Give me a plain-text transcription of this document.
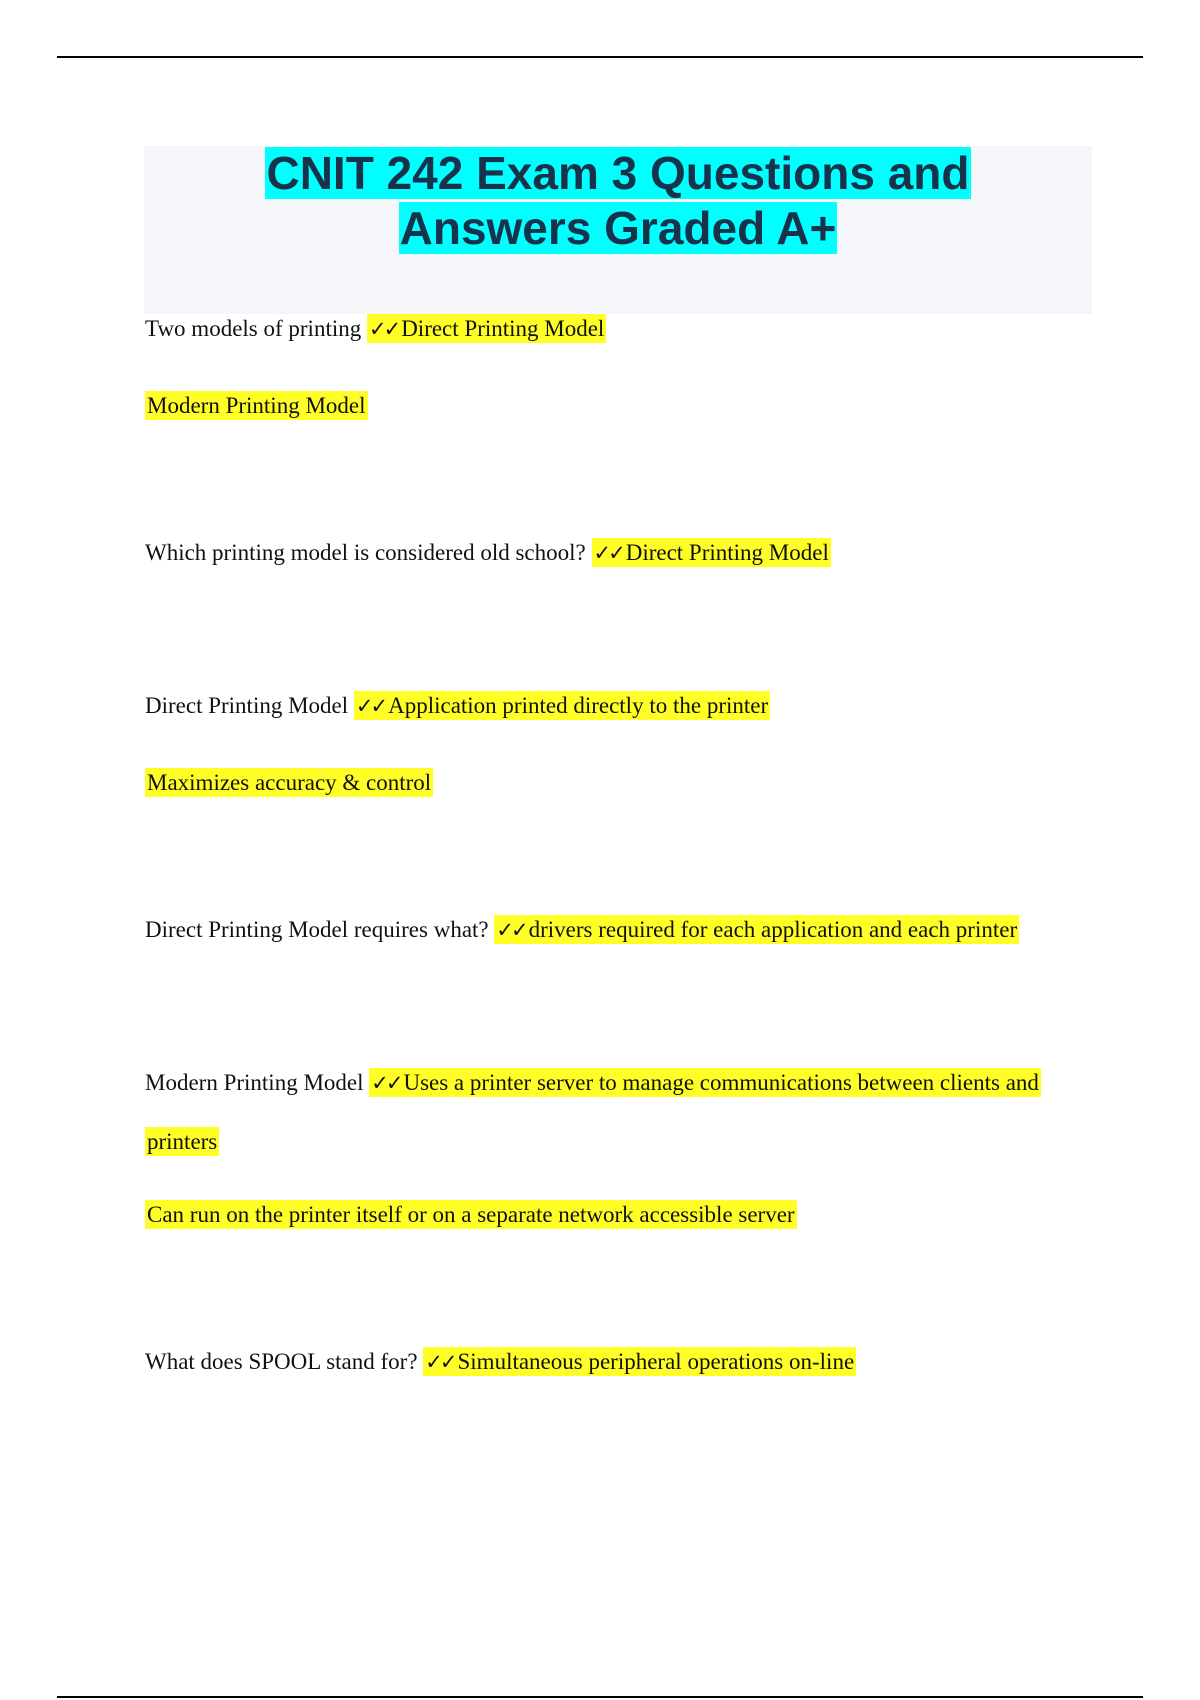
CNIT 242 Exam 3 Questions and
Answers Graded A+
Two models of printing ✓✓ Direct Printing Model
Modern Printing Model
Which printing model is considered old school? ✓✓ Direct Printing Model
Direct Printing Model ✓✓ Application printed directly to the printer
Maximizes accuracy & control
Direct Printing Model requires what? ✓✓ drivers required for each application and each printer
Modern Printing Model ✓✓ Uses a printer server to manage communications between clients and
printers
Can run on the printer itself or on a separate network accessible server
What does SPOOL stand for? ✓✓ Simultaneous peripheral operations on-line
